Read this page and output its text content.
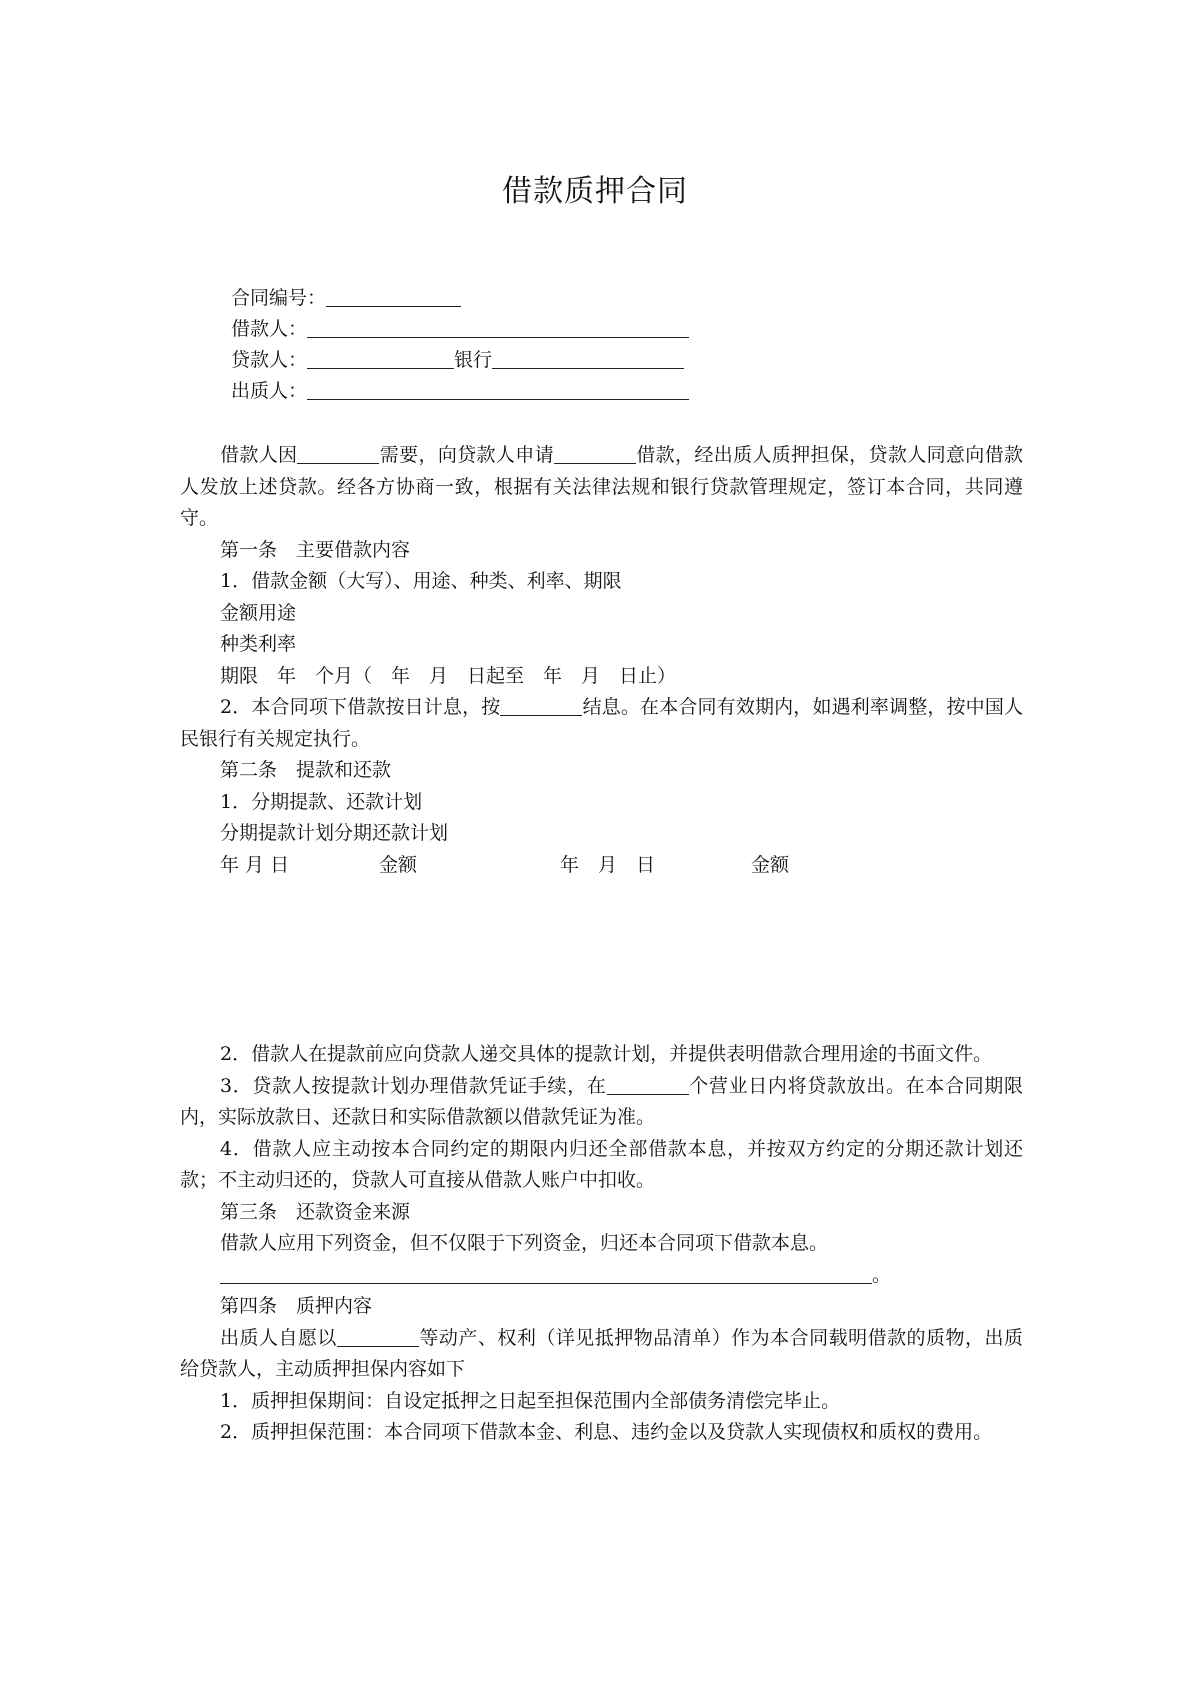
借款质押合同
合同编号：
借款人：
贷款人：	银行
出质人：

借款人因	需要，向贷款人申请	借款，经出质人质押担保，贷款人同意向借款人发放上述贷款。经各方协商一致，根据有关法律法规和银行贷款管理规定，签订本合同，共同遵守。

第一条　主要借款内容

1．借款金额（大写）、用途、种类、利率、期限

金额用途

种类利率

期限　年　个月（　年　月　日起至　年　月　日止）

2．本合同项下借款按日计息，按	结息。在本合同有效期内，如遇利率调整，按中国人民银行有关规定执行。

第二条　提款和还款

1．分期提款、还款计划

分期提款计划分期还款计划

年 月 日	金额	年　月　日	金额

2．借款人在提款前应向贷款人递交具体的提款计划，并提供表明借款合理用途的书面文件。

3．贷款人按提款计划办理借款凭证手续，在	个营业日内将贷款放出。在本合同期限内，实际放款日、还款日和实际借款额以借款凭证为准。

4．借款人应主动按本合同约定的期限内归还全部借款本息，并按双方约定的分期还款计划还款；不主动归还的，贷款人可直接从借款人账户中扣收。

第三条　还款资金来源

借款人应用下列资金，但不仅限于下列资金，归还本合同项下借款本息。

。

第四条　质押内容

出质人自愿以	等动产、权利（详见抵押物品清单）作为本合同载明借款的质物，出质给贷款人，主动质押担保内容如下

1．质押担保期间：自设定抵押之日起至担保范围内全部债务清偿完毕止。

2．质押担保范围：本合同项下借款本金、利息、违约金以及贷款人实现债权和质权的费用。
